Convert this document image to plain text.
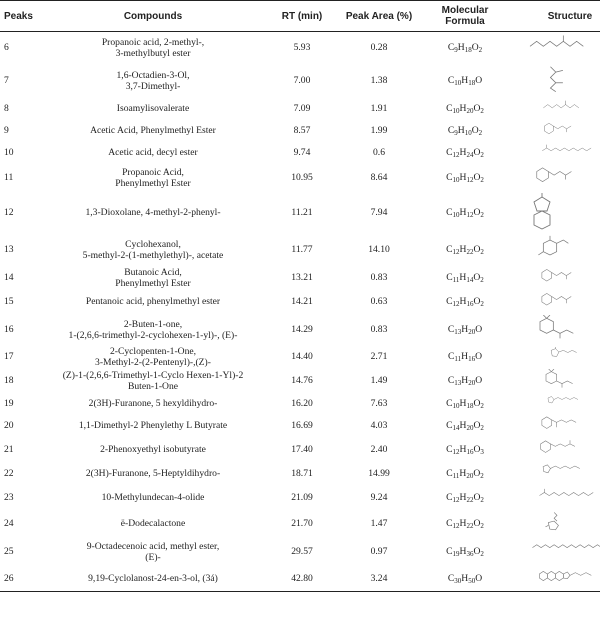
Peaks	Compounds	RT (min)	Peak Area (%)	Molecular
Formula	Structure
6	Propanoic acid, 2-methyl-,
3-methylbutyl ester	5.93	0.28	$C_9H_{18}O_2$	

7	1,6-Octadien-3-Ol,
3,7-Dimethyl-	7.00	1.38	$C_{10}H_{18}O$	

8	Isoamylisovalerate	7.09	1.91	$C_{10}H_{20}O_2$	

9	Acetic Acid, Phenylmethyl Ester	8.57	1.99	$C_9H_{10}O_2$	

10	Acetic acid, decyl ester	9.74	0.6	$C_{12}H_{24}O_2$	

11	Propanoic Acid,
Phenylmethyl Ester	10.95	8.64	$C_{10}H_{12}O_2$	

12	1,3-Dioxolane, 4-methyl-2-phenyl-	11.21	7.94	$C_{10}H_{12}O_2$	

13	Cyclohexanol,
5-methyl-2-(1-methylethyl)-, acetate	11.77	14.10	$C_{12}H_{22}O_2$	

14	Butanoic Acid,
Phenylmethyl Ester	13.21	0.83	$C_{11}H_{14}O_2$	

15	Pentanoic acid, phenylmethyl ester	14.21	0.63	$C_{12}H_{16}O_2$	

16	2-Buten-1-one,
1-(2,6,6-trimethyl-2-cyclohexen-1-yl)-, (E)-	14.29	0.83	$C_{13}H_{20}O$	

17	2-Cyclopenten-1-One,
3-Methyl-2-(2-Pentenyl)-,(Z)-	14.40	2.71	$C_{11}H_{16}O$	

18	(Z)-1-(2,6,6-Trimethyl-1-Cyclo Hexen-1-Yl)-2
Buten-1-One	14.76	1.49	$C_{13}H_{20}O$	

19	2(3H)-Furanone, 5 hexyldihydro-	16.20	7.63	$C_{10}H_{18}O_2$	

20	1,1-Dimethyl-2 Phenylethy L Butyrate	16.69	4.03	$C_{14}H_{20}O_2$	

21	2-Phenoxyethyl isobutyrate	17.40	2.40	$C_{12}H_{16}O_3$	

22	2(3H)-Furanone, 5-Heptyldihydro-	18.71	14.99	$C_{11}H_{20}O_2$	

23	10-Methylundecan-4-olide	21.09	9.24	$C_{12}H_{22}O_2$	

24	ë-Dodecalactone	21.70	1.47	$C_{12}H_{22}O_2$	

25	9-Octadecenoic acid, methyl ester,
(E)-	29.57	0.97	$C_{19}H_{36}O_2$	

26	9,19-Cyclolanost-24-en-3-ol, (3á)	42.80	3.24	$C_{30}H_{50}O$	
